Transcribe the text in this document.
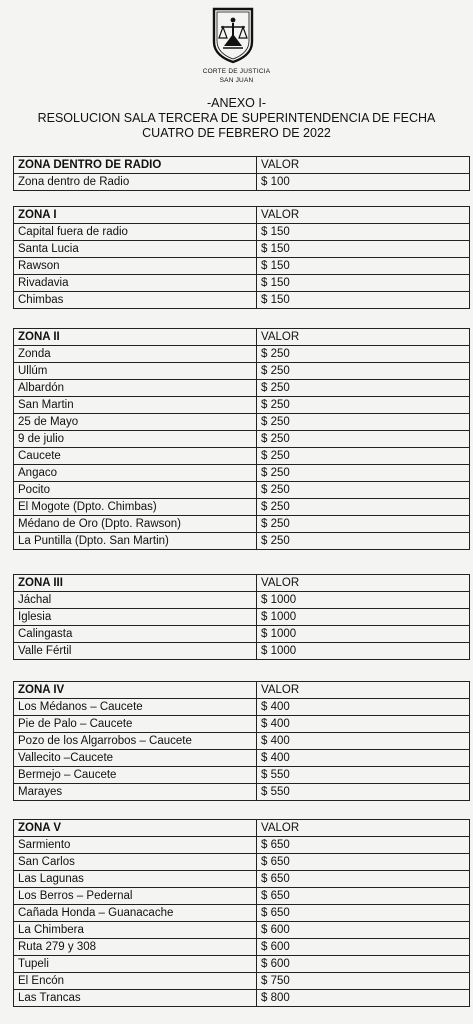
CORTE DE JUSTICIA
SAN JUAN
-ANEXO I-
RESOLUCION SALA TERCERA DE SUPERINTENDENCIA DE FECHA
CUATRO DE FEBRERO DE 2022
ZONA DENTRO DE RADIO	VALOR
Zona dentro de Radio	$ 100
ZONA I	VALOR
Capital fuera de radio	$ 150
Santa Lucia	$ 150
Rawson	$ 150
Rivadavia	$ 150
Chimbas	$ 150
ZONA II	VALOR
Zonda	$ 250
Ullúm	$ 250
Albardón	$ 250
San Martin	$ 250
25 de Mayo	$ 250
9 de julio	$ 250
Caucete	$ 250
Angaco	$ 250
Pocito	$ 250
El Mogote (Dpto. Chimbas)	$ 250
Médano de Oro (Dpto. Rawson)	$ 250
La Puntilla (Dpto. San Martin)	$ 250
ZONA III	VALOR
Jáchal	$ 1000
Iglesia	$ 1000
Calingasta	$ 1000
Valle Fértil	$ 1000
ZONA IV	VALOR
Los Médanos – Caucete	$ 400
Pie de Palo – Caucete	$ 400
Pozo de los Algarrobos – Caucete	$ 400
Vallecito –Caucete	$ 400
Bermejo – Caucete	$ 550
Marayes	$ 550
ZONA V	VALOR
Sarmiento	$ 650
San Carlos	$ 650
Las Lagunas	$ 650
Los Berros – Pedernal	$ 650
Cañada Honda – Guanacache	$ 650
La Chimbera	$ 600
Ruta 279 y 308	$ 600
Tupeli	$ 600
El Encón	$ 750
Las Trancas	$ 800
